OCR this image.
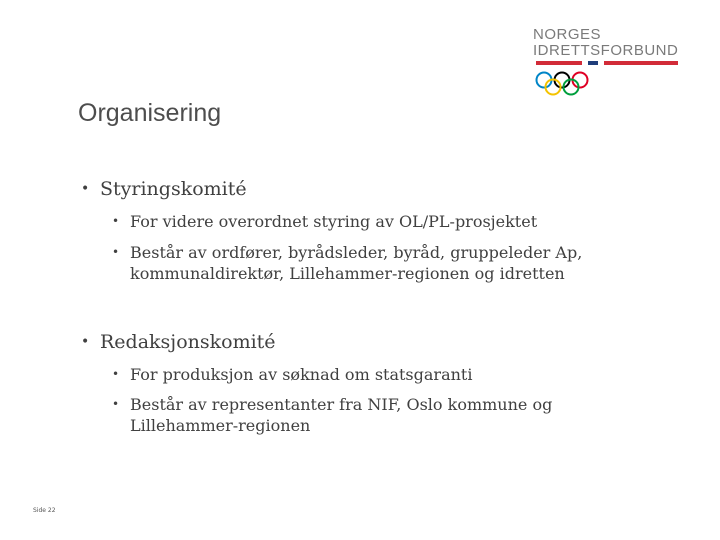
NORGES
IDRETTSFORBUND
Organisering
• Styringskomité
• For videre overordnet styring av OL/PL-prosjektet
• Består av ordfører, byrådsleder, byråd, gruppeleder Ap, kommunaldirektør, Lillehammer-regionen og idretten
• Redaksjonskomité
• For produksjon av søknad om statsgaranti
• Består av representanter fra NIF, Oslo kommune og Lillehammer-regionen
Side 22
